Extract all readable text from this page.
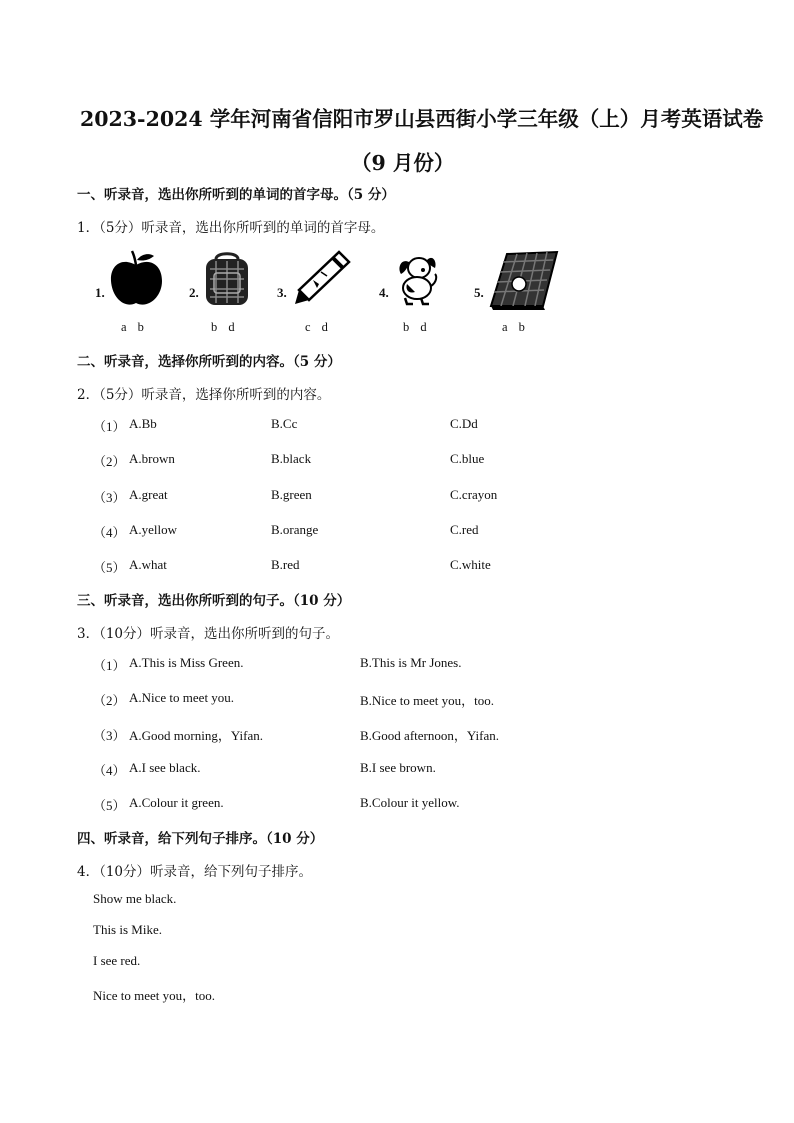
2023-2024 学年河南省信阳市罗山县西街小学三年级（上）月考英语试卷
（9 月份）
一、听录音，选出你所听到的单词的首字母。（5 分）
1．（5分）听录音，选出你所听到的单词的首字母。
1.
a b
2.
b d
3.
c d
4.
b d
5.
a b
二、听录音，选择你所听到的内容。（5 分）
2．（5分）听录音，选择你所听到的内容。
（1） A.Bb	B.Cc	C.Dd
（2） A.brown	B.black	C.blue
（3） A.great	B.green	C.crayon
（4） A.yellow	B.orange	C.red
（5） A.what	B.red	C.white
三、听录音，选出你所听到的句子。（10 分）
3．（10分）听录音，选出你所听到的句子。
（1） A.This is Miss Green.	B.This is Mr Jones.
（2） A.Nice to meet you.	B.Nice to meet you，too.
（3） A.Good morning，Yifan.	B.Good afternoon，Yifan.
（4） A.I see black.	B.I see brown.
（5） A.Colour it green.	B.Colour it yellow.
四、听录音，给下列句子排序。（10 分）
4．（10分）听录音，给下列句子排序。
Show me black.
This is Mike.
I see red.
Nice to meet you，too.
